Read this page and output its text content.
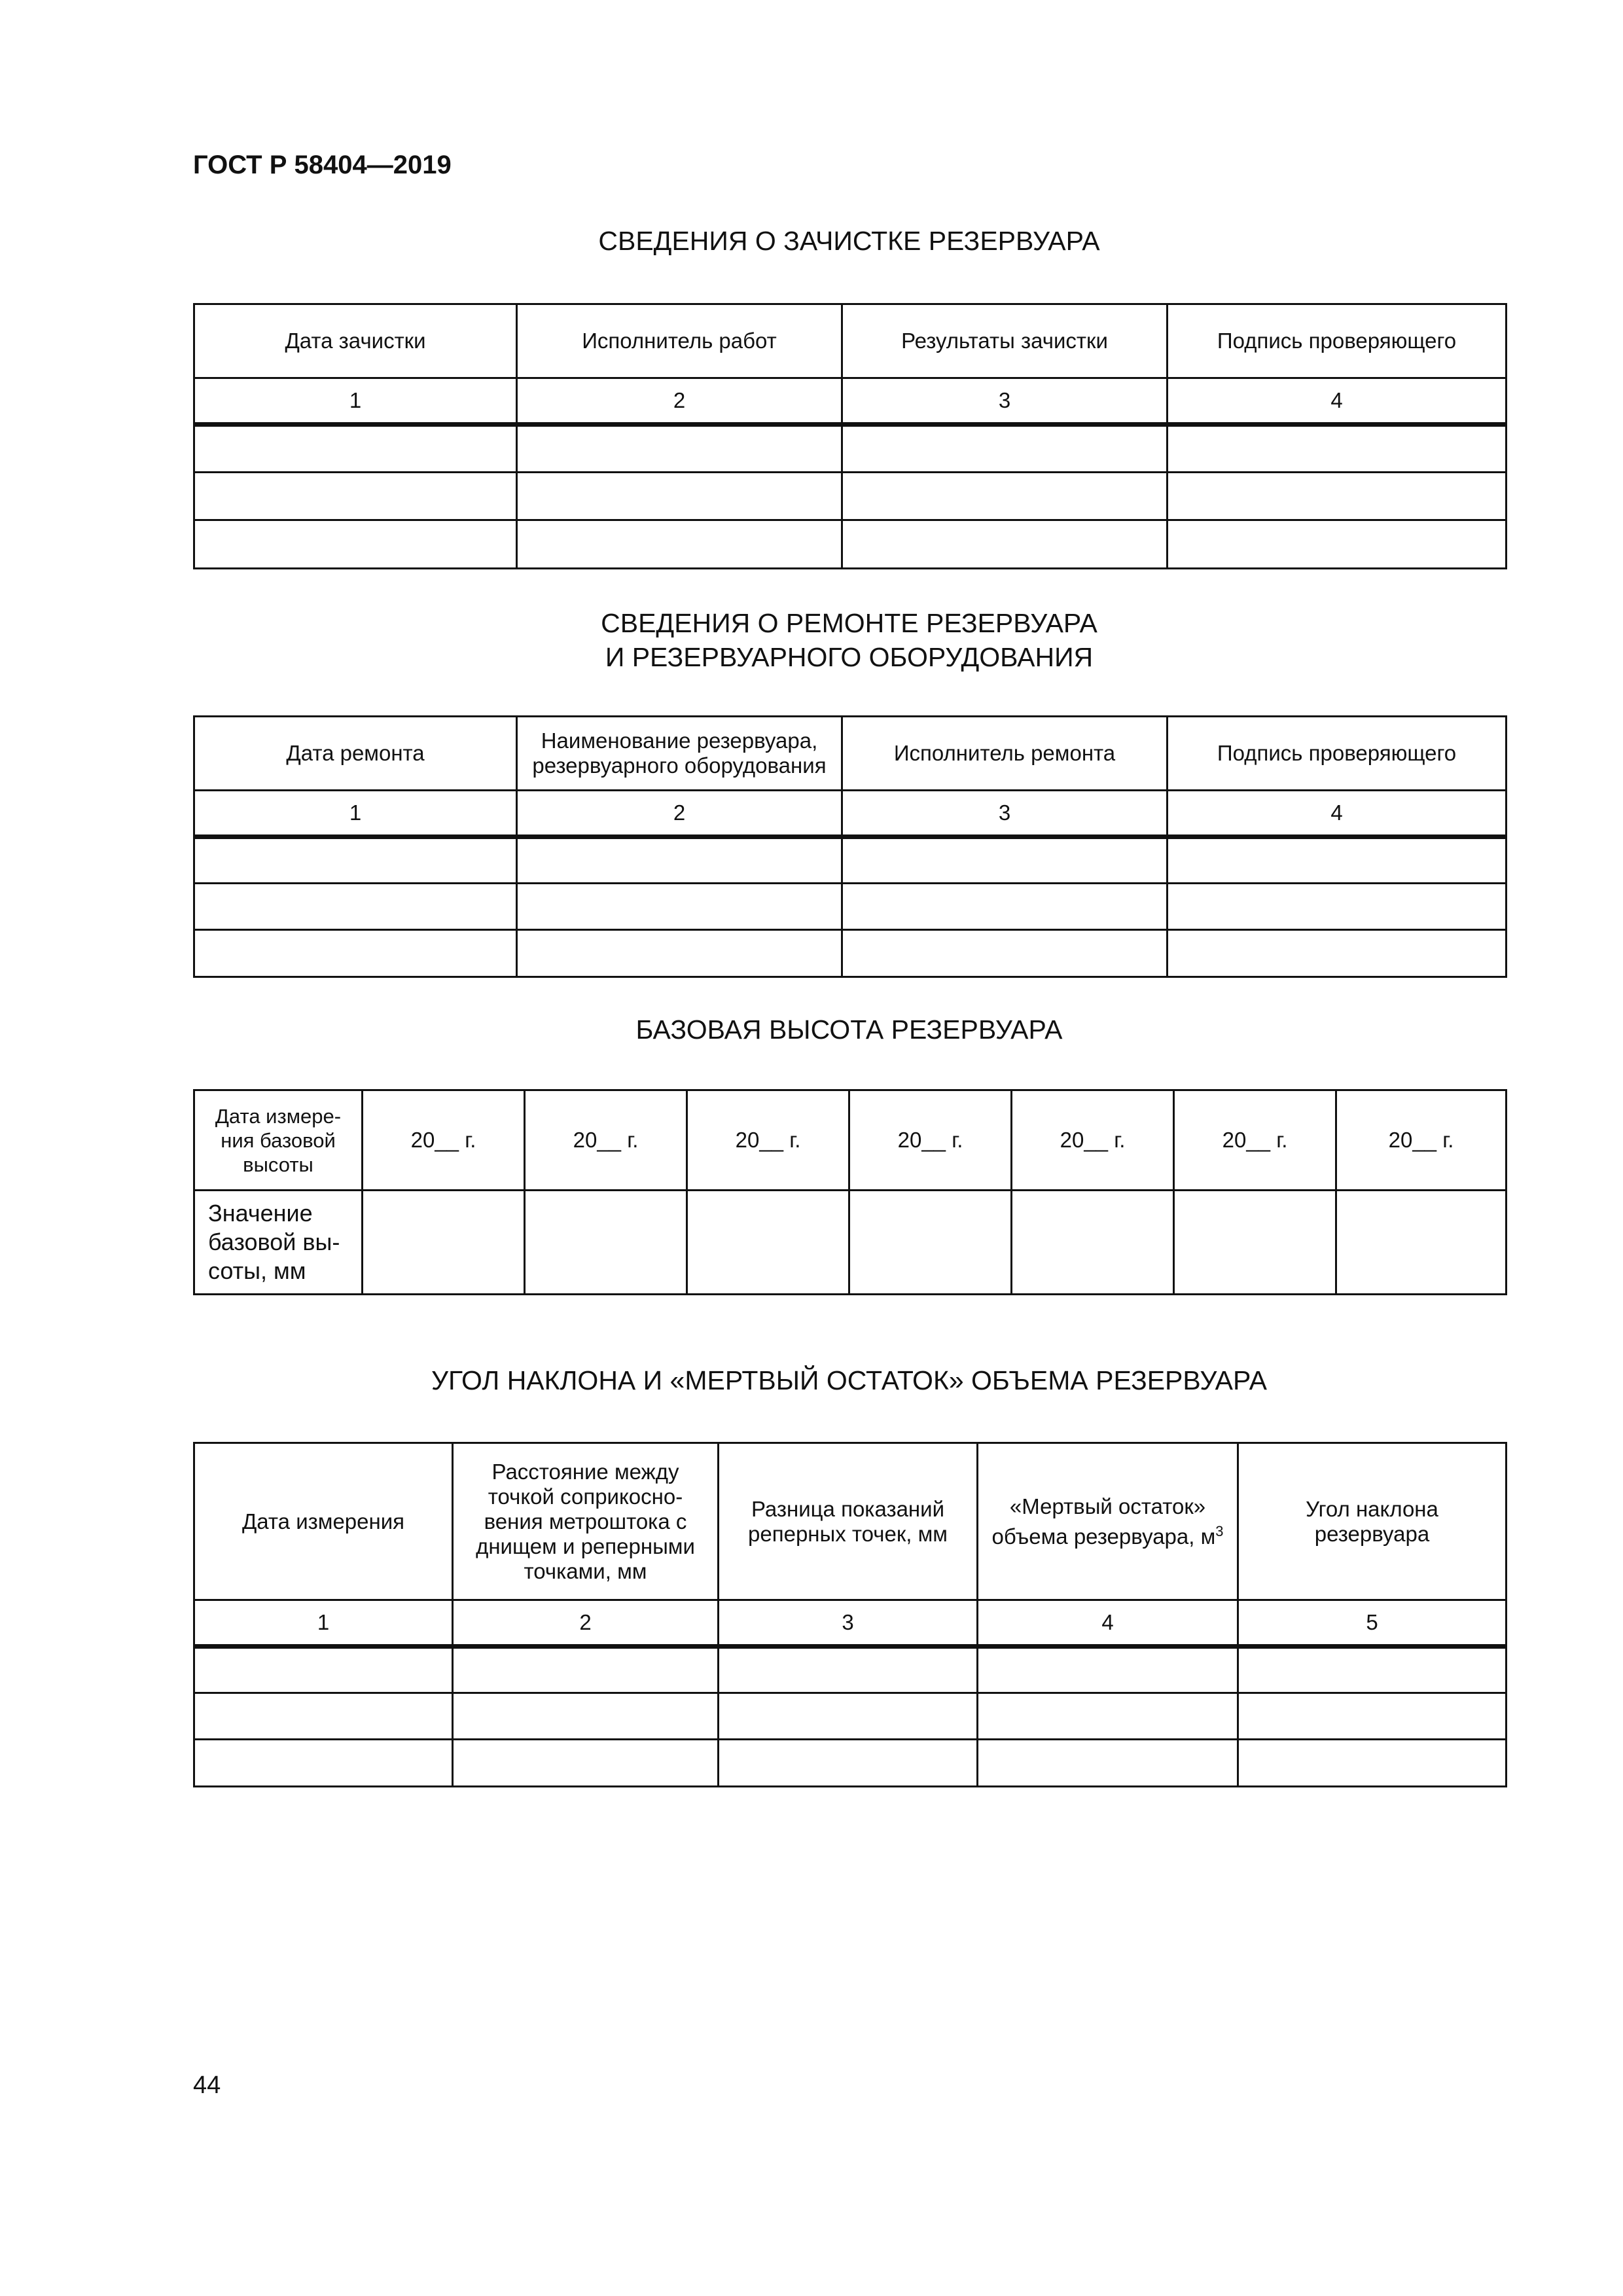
ГОСТ Р 58404—2019
СВЕДЕНИЯ О ЗАЧИСТКЕ РЕЗЕРВУАРА
Дата зачистки	Исполнитель работ	Результаты зачистки	Подпись проверяющего
1	2	3	4

СВЕДЕНИЯ О РЕМОНТЕ РЕЗЕРВУАРА
И РЕЗЕРВУАРНОГО ОБОРУДОВАНИЯ
Дата ремонта	Наименование резервуара, резервуарного оборудования	Исполнитель ремонта	Подпись проверяющего
1	2	3	4

БАЗОВАЯ ВЫСОТА РЕЗЕРВУАРА
Дата измере- ния базовой высоты	20__ г.	20__ г.	20__ г.	20__ г.	20__ г.	20__ г.	20__ г.
Значение базовой вы- соты, мм							
УГОЛ НАКЛОНА И «МЕРТВЫЙ ОСТАТОК» ОБЪЕМА РЕЗЕРВУАРА
Дата измерения	Расстояние между точкой соприкосно- вения метроштока с днищем и реперными точками, мм	Разница показаний реперных точек, мм	«Мертвый остаток» объема резервуара, $м^3$	Угол наклона резервуара
1	2	3	4	5

44
